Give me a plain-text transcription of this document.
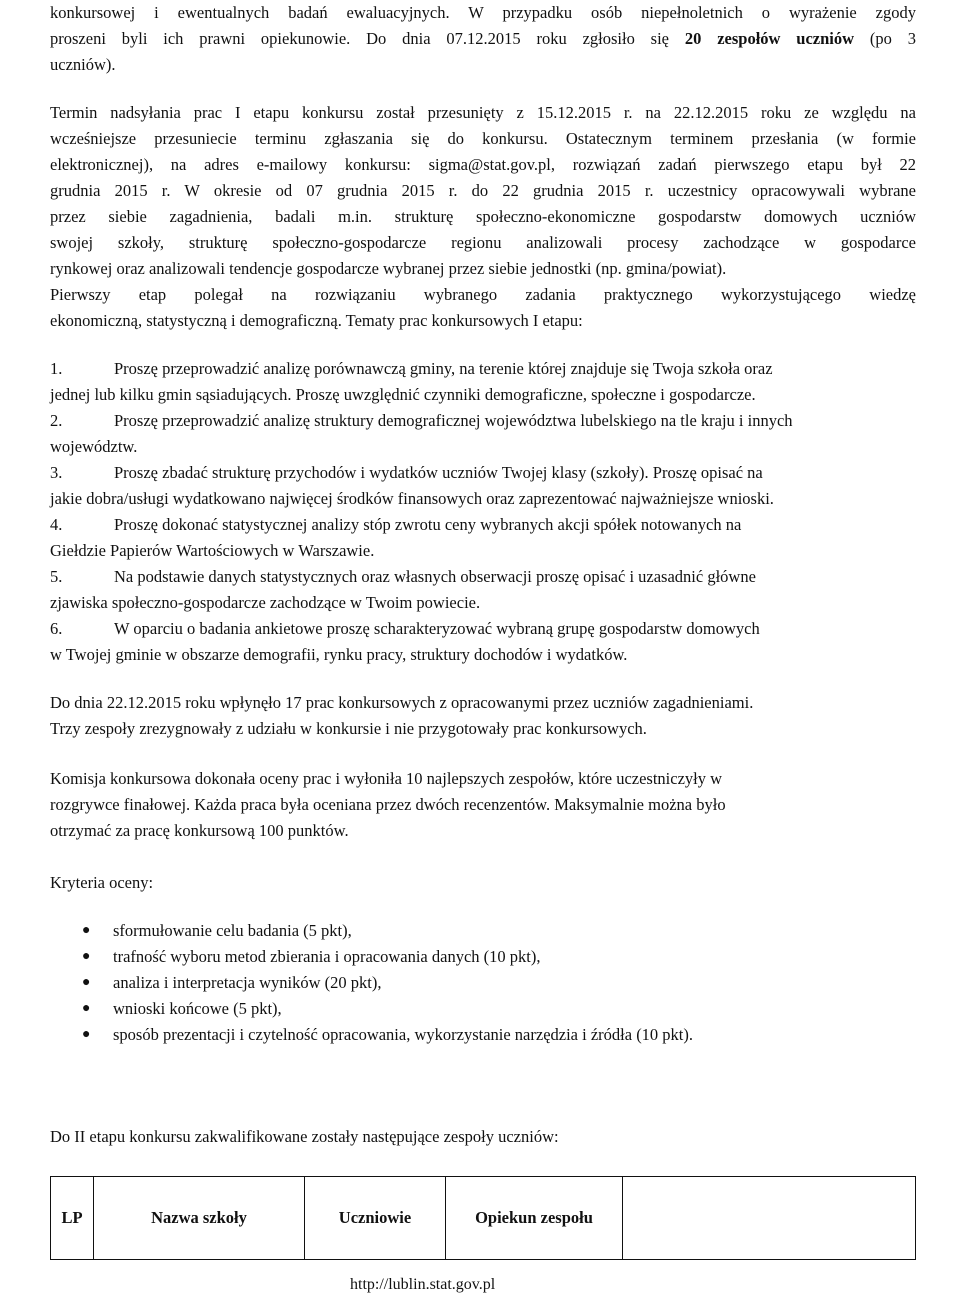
konkursowej i ewentualnych badań ewaluacyjnych. W przypadku osób niepełnoletnich o wyrażenie zgody
proszeni byli ich prawni opiekunowie. Do dnia 07.12.2015 roku zgłosiło się 20 zespołów uczniów (po 3
uczniów).
Termin nadsyłania prac I etapu konkursu został przesunięty z 15.12.2015 r. na 22.12.2015 roku ze względu na
wcześniejsze przesuniecie terminu zgłaszania się do konkursu. Ostatecznym terminem przesłania (w formie
elektronicznej), na adres e-mailowy konkursu: sigma@stat.gov.pl, rozwiązań zadań pierwszego etapu był 22
grudnia 2015 r. W okresie od 07 grudnia 2015 r. do 22 grudnia 2015 r. uczestnicy opracowywali wybrane
przez siebie zagadnienia, badali m.in. strukturę społeczno-ekonomiczne gospodarstw domowych uczniów
swojej szkoły, strukturę społeczno-gospodarcze regionu analizowali procesy zachodzące w gospodarce
rynkowej oraz analizowali tendencje gospodarcze wybranej przez siebie jednostki (np. gmina/powiat).
Pierwszy etap polegał na rozwiązaniu wybranego zadania praktycznego wykorzystującego wiedzę
ekonomiczną, statystyczną i demograficzną. Tematy prac konkursowych I etapu:
1.	Proszę przeprowadzić analizę porównawczą gminy, na terenie której znajduje się Twoja szkoła oraz
jednej lub kilku gmin sąsiadujących. Proszę uwzględnić czynniki demograficzne, społeczne i gospodarcze.
2.	Proszę przeprowadzić analizę struktury demograficznej województwa lubelskiego na tle kraju i innych
województw.
3.	Proszę zbadać strukturę przychodów i wydatków uczniów Twojej klasy (szkoły). Proszę opisać na
jakie dobra/usługi wydatkowano najwięcej środków finansowych oraz zaprezentować najważniejsze wnioski.
4.	Proszę dokonać statystycznej analizy stóp zwrotu ceny wybranych akcji spółek notowanych na
Giełdzie Papierów Wartościowych w Warszawie.
5.	Na podstawie danych statystycznych oraz własnych obserwacji proszę opisać i uzasadnić główne
zjawiska społeczno-gospodarcze zachodzące w Twoim powiecie.
6.	W oparciu o badania ankietowe proszę scharakteryzować wybraną grupę gospodarstw domowych
w Twojej gminie w obszarze demografii, rynku pracy, struktury dochodów i wydatków.
Do dnia 22.12.2015 roku wpłynęło 17 prac konkursowych z opracowanymi przez uczniów zagadnieniami.
Trzy zespoły zrezygnowały z udziału w konkursie i nie przygotowały prac konkursowych.
Komisja konkursowa dokonała oceny prac i wyłoniła 10 najlepszych zespołów, które uczestniczyły w
rozgrywce finałowej. Każda praca była oceniana przez dwóch recenzentów. Maksymalnie można było
otrzymać za pracę konkursową 100 punktów.
Kryteria oceny:
● sformułowanie celu badania (5 pkt),
● trafność wyboru metod zbierania i opracowania danych (10 pkt),
● analiza i interpretacja wyników (20 pkt),
● wnioski końcowe (5 pkt),
● sposób prezentacji i czytelność opracowania, wykorzystanie narzędzia i źródła (10 pkt).
Do II etapu konkursu zakwalifikowane zostały następujące zespoły uczniów:
LP	Nazwa szkoły	Uczniowie	Opiekun zespołu	
http://lublin.stat.gov.pl
